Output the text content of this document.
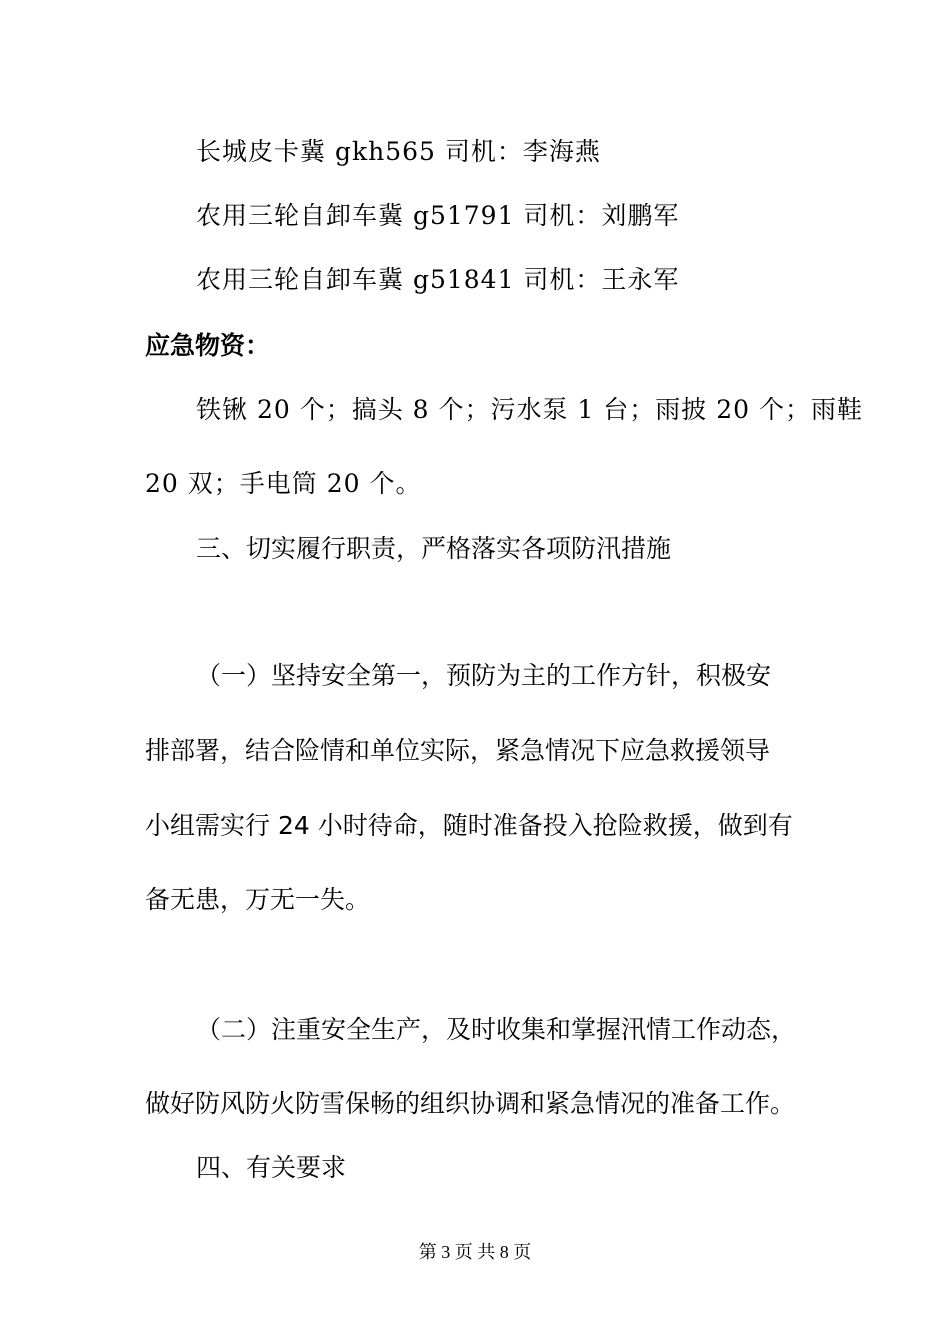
长城皮卡冀 gkh565 司机：李海燕
农用三轮自卸车冀 g51791 司机：刘鹏军
农用三轮自卸车冀 g51841 司机：王永军
应急物资：
铁锹 20 个；搞头 8 个；污水泵 1 台；雨披 20 个；雨鞋
20 双；手电筒 20 个。
三、切实履行职责，严格落实各项防汛措施
（一）坚持安全第一，预防为主的工作方针，积极安
排部署，结合险情和单位实际，紧急情况下应急救援领导
小组需实行 24 小时待命，随时准备投入抢险救援，做到有
备无患，万无一失。
（二）注重安全生产，及时收集和掌握汛情工作动态，
做好防风防火防雪保畅的组织协调和紧急情况的准备工作。
四、有关要求
第 3 页 共 8 页
